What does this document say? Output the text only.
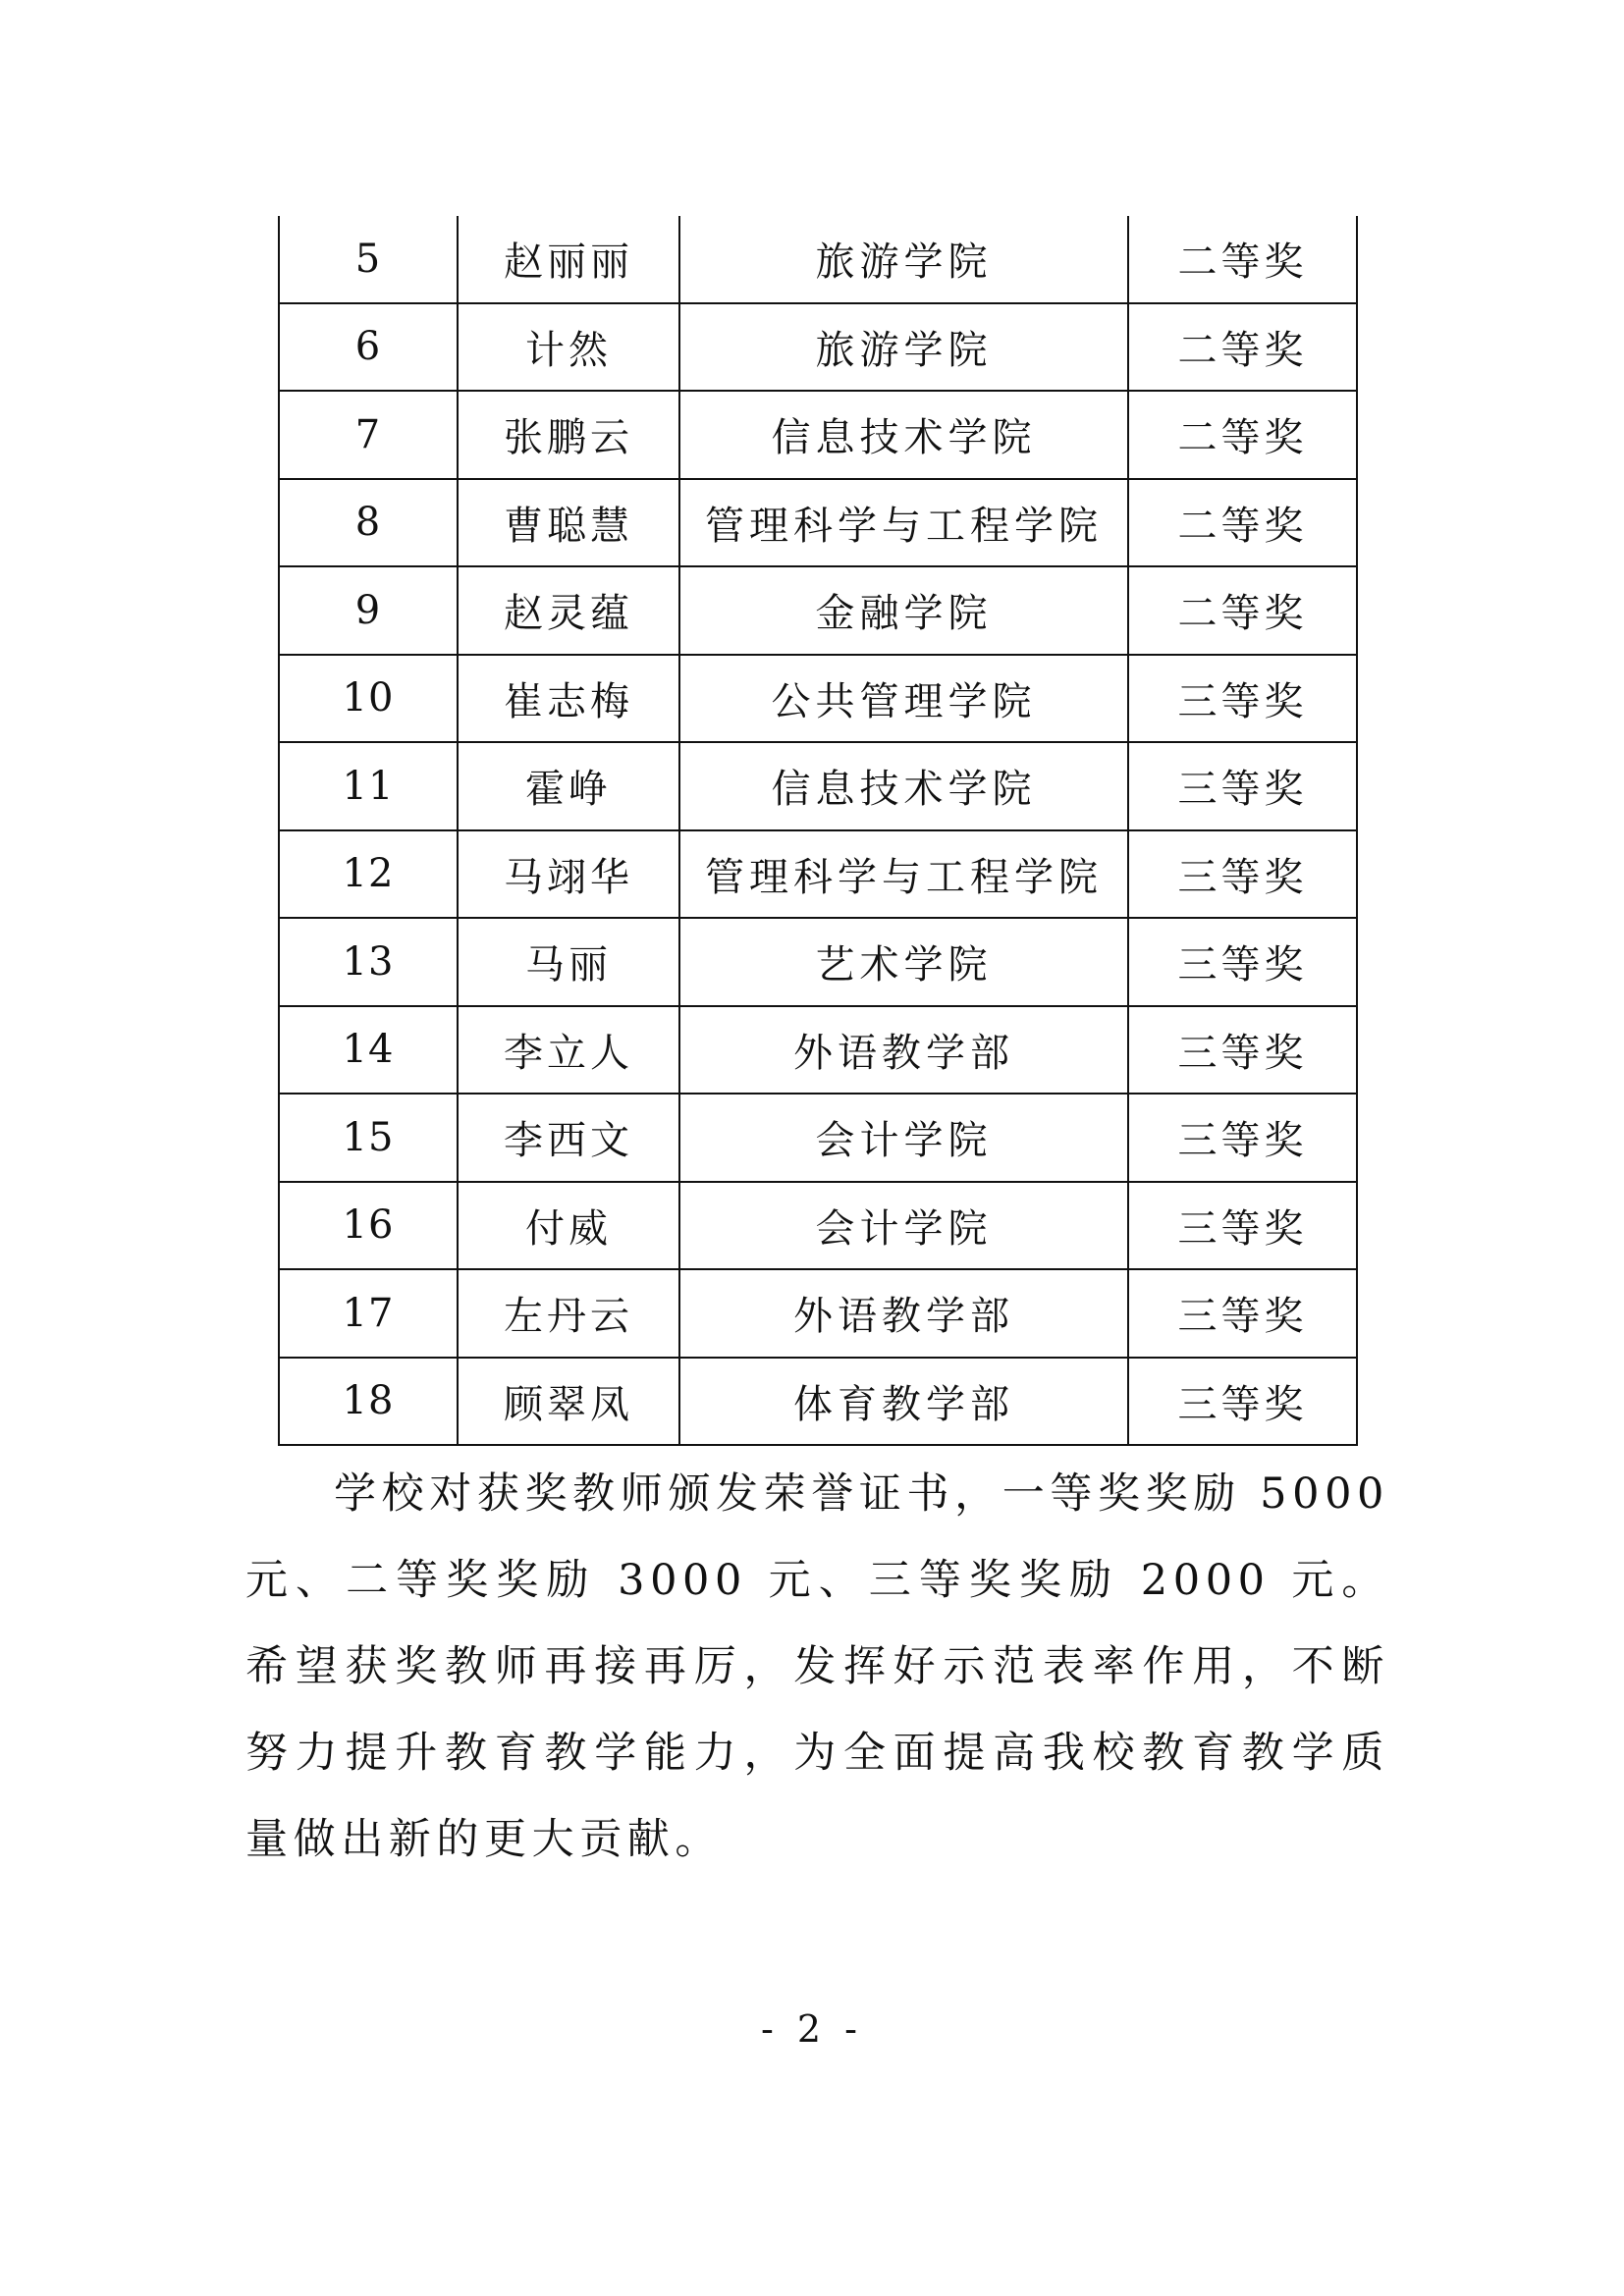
5	赵丽丽	旅游学院	二等奖
6	计然	旅游学院	二等奖
7	张鹏云	信息技术学院	二等奖
8	曹聪慧	管理科学与工程学院	二等奖
9	赵灵蕴	金融学院	二等奖
10	崔志梅	公共管理学院	三等奖
11	霍峥	信息技术学院	三等奖
12	马翊华	管理科学与工程学院	三等奖
13	马丽	艺术学院	三等奖
14	李立人	外语教学部	三等奖
15	李西文	会计学院	三等奖
16	付威	会计学院	三等奖
17	左丹云	外语教学部	三等奖
18	顾翠凤	体育教学部	三等奖

学校对获奖教师颁发荣誉证书，一等奖奖励 5000 元、二等奖奖励 3000 元、三等奖奖励 2000 元。希望获奖教师再接再厉，发挥好示范表率作用，不断努力提升教育教学能力，为全面提高我校教育教学质量做出新的更大贡献。

- 2 -
